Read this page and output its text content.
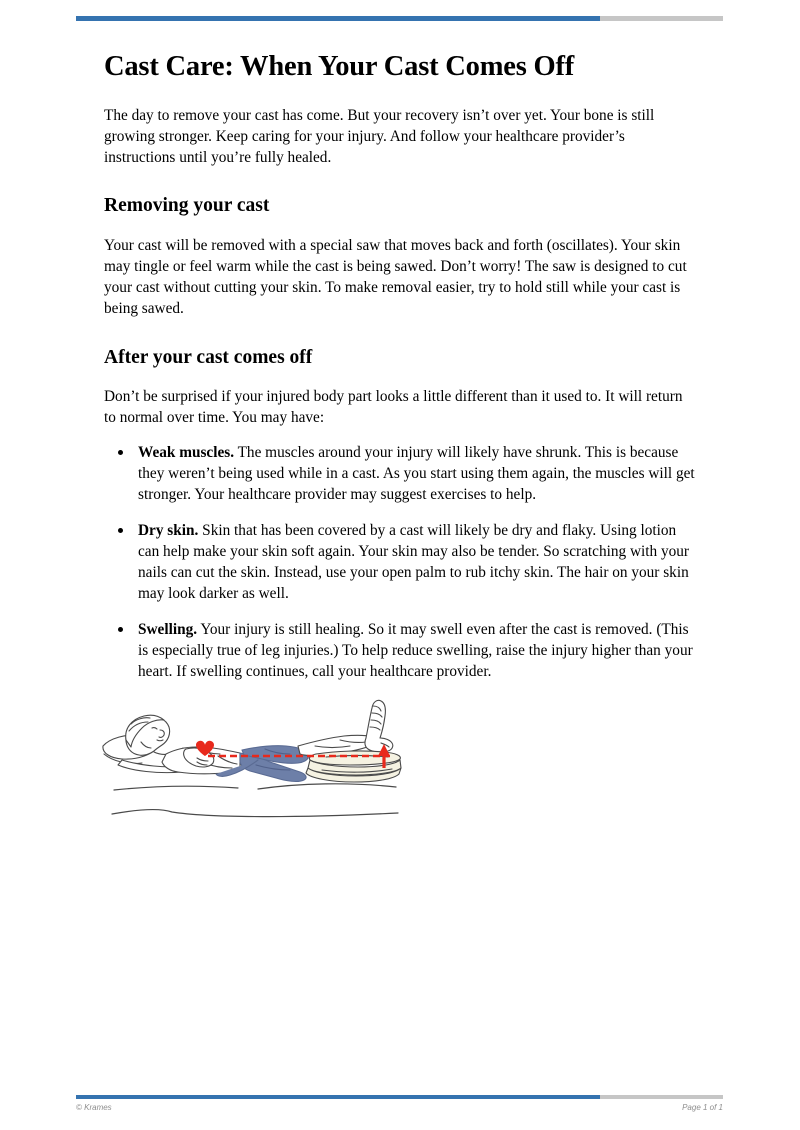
Cast Care: When Your Cast Comes Off

The day to remove your cast has come. But your recovery isn’t over yet. Your bone is still growing stronger. Keep caring for your injury. And follow your healthcare provider’s instructions until you’re fully healed.

Removing your cast

Your cast will be removed with a special saw that moves back and forth (oscillates). Your skin may tingle or feel warm while the cast is being sawed. Don’t worry! The saw is designed to cut your cast without cutting your skin. To make removal easier, try to hold still while your cast is being sawed.

After your cast comes off

Don’t be surprised if your injured body part looks a little different than it used to. It will return to normal over time. You may have:

Weak muscles. The muscles around your injury will likely have shrunk. This is because they weren’t being used while in a cast. As you start using them again, the muscles will get stronger. Your healthcare provider may suggest exercises to help.
Dry skin. Skin that has been covered by a cast will likely be dry and flaky. Using lotion can help make your skin soft again. Your skin may also be tender. So scratching with your nails can cut the skin. Instead, use your open palm to rub itchy skin. The hair on your skin may look darker as well.
Swelling. Your injury is still healing. So it may swell even after the cast is removed. (This is especially true of leg injuries.) To help reduce swelling, raise the injury higher than your heart. If swelling continues, call your healthcare provider.
© Krames	Page 1 of 1
